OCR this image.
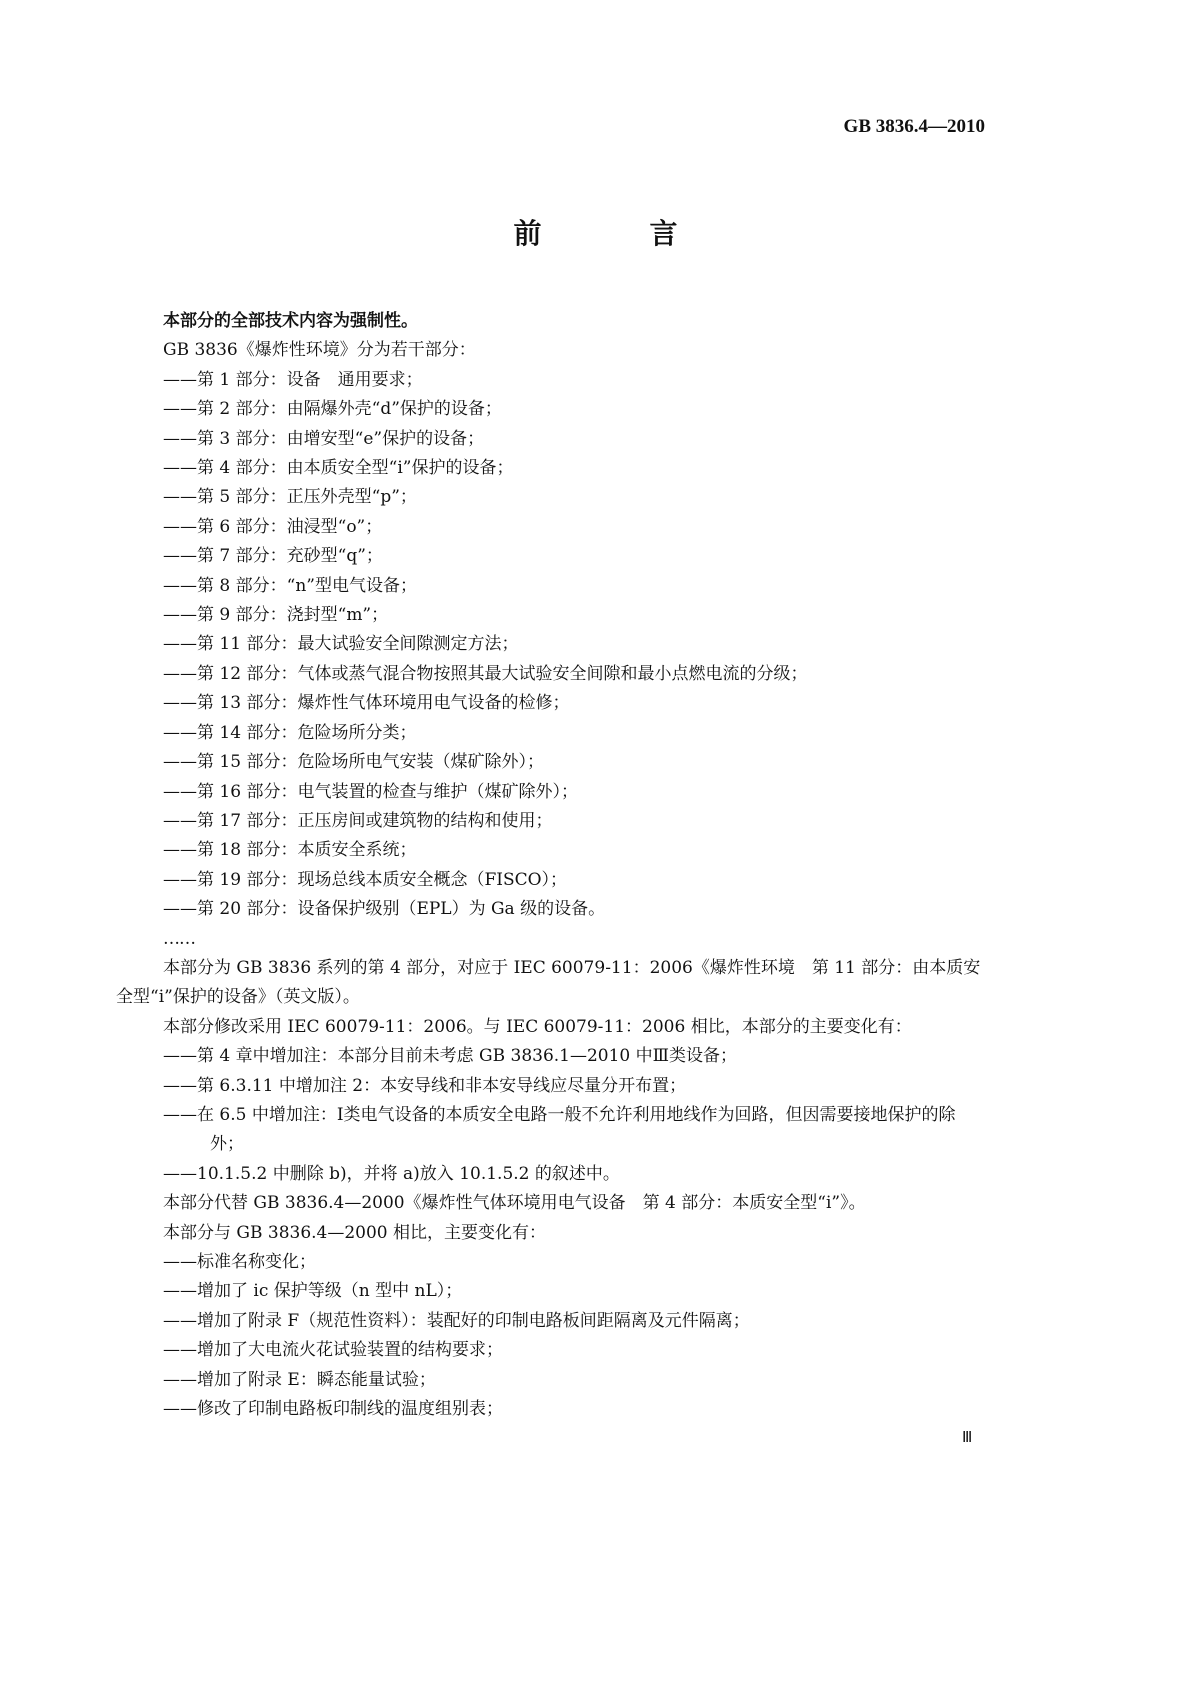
GB 3836.4—2010
前　言
本部分的全部技术内容为强制性。
GB 3836《爆炸性环境》分为若干部分：
——第 1 部分：设备　通用要求；
——第 2 部分：由隔爆外壳“d”保护的设备；
——第 3 部分：由增安型“e”保护的设备；
——第 4 部分：由本质安全型“i”保护的设备；
——第 5 部分：正压外壳型“p”；
——第 6 部分：油浸型“o”；
——第 7 部分：充砂型“q”；
——第 8 部分：“n”型电气设备；
——第 9 部分：浇封型“m”；
——第 11 部分：最大试验安全间隙测定方法；
——第 12 部分：气体或蒸气混合物按照其最大试验安全间隙和最小点燃电流的分级；
——第 13 部分：爆炸性气体环境用电气设备的检修；
——第 14 部分：危险场所分类；
——第 15 部分：危险场所电气安装（煤矿除外）；
——第 16 部分：电气装置的检查与维护（煤矿除外）；
——第 17 部分：正压房间或建筑物的结构和使用；
——第 18 部分：本质安全系统；
——第 19 部分：现场总线本质安全概念（FISCO）；
——第 20 部分：设备保护级别（EPL）为 Ga 级的设备。
……
本部分为 GB 3836 系列的第 4 部分，对应于 IEC 60079-11：2006《爆炸性环境　第 11 部分：由本质安全型“i”保护的设备》（英文版）。
本部分修改采用 IEC 60079-11：2006。与 IEC 60079-11：2006 相比，本部分的主要变化有：
——第 4 章中增加注：本部分目前未考虑 GB 3836.1—2010 中Ⅲ类设备；
——第 6.3.11 中增加注 2：本安导线和非本安导线应尽量分开布置；
——在 6.5 中增加注：Ⅰ类电气设备的本质安全电路一般不允许利用地线作为回路，但因需要接地保护的除外；
——10.1.5.2 中删除 b)，并将 a)放入 10.1.5.2 的叙述中。
本部分代替 GB 3836.4—2000《爆炸性气体环境用电气设备　第 4 部分：本质安全型“i”》。
本部分与 GB 3836.4—2000 相比，主要变化有：
——标准名称变化；
——增加了 ic 保护等级（n 型中 nL）；
——增加了附录 F（规范性资料）：装配好的印制电路板间距隔离及元件隔离；
——增加了大电流火花试验装置的结构要求；
——增加了附录 E：瞬态能量试验；
——修改了印制电路板印制线的温度组别表；
Ⅲ
